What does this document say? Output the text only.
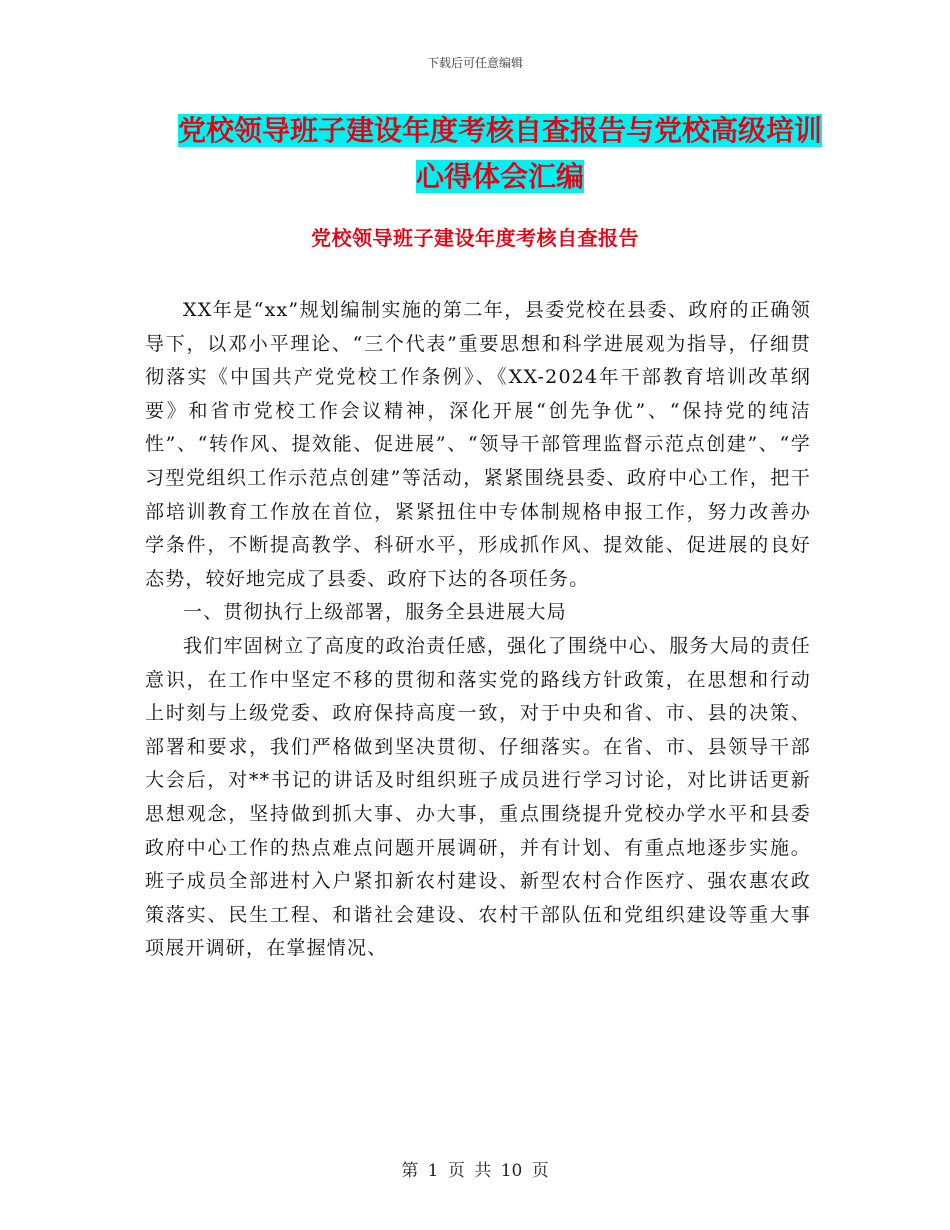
下载后可任意编辑
党校领导班子建设年度考核自查报告与党校高级培训
心得体会汇编
党校领导班子建设年度考核自查报告

XX年是“xx”规划编制实施的第二年，县委党校在县委、政府的正确领导下，以邓小平理论、“三个代表”重要思想和科学进展观为指导，仔细贯彻落实《中国共产党党校工作条例》、《XX-2024年干部教育培训改革纲要》和省市党校工作会议精神，深化开展“创先争优”、“保持党的纯洁性”、“转作风、提效能、促进展”、“领导干部管理监督示范点创建”、“学习型党组织工作示范点创建”等活动，紧紧围绕县委、政府中心工作，把干部培训教育工作放在首位，紧紧扭住中专体制规格申报工作，努力改善办学条件，不断提高教学、科研水平，形成抓作风、提效能、促进展的良好态势，较好地完成了县委、政府下达的各项任务。

一、贯彻执行上级部署，服务全县进展大局

我们牢固树立了高度的政治责任感，强化了围绕中心、服务大局的责任意识，在工作中坚定不移的贯彻和落实党的路线方针政策，在思想和行动上时刻与上级党委、政府保持高度一致，对于中央和省、市、县的决策、部署和要求，我们严格做到坚决贯彻、仔细落实。在省、市、县领导干部大会后，对**书记的讲话及时组织班子成员进行学习讨论，对比讲话更新思想观念，坚持做到抓大事、办大事，重点围绕提升党校办学水平和县委政府中心工作的热点难点问题开展调研，并有计划、有重点地逐步实施。班子成员全部进村入户紧扣新农村建设、新型农村合作医疗、强农惠农政策落实、民生工程、和谐社会建设、农村干部队伍和党组织建设等重大事项展开调研，在掌握情况、

第 1 页 共 10 页
